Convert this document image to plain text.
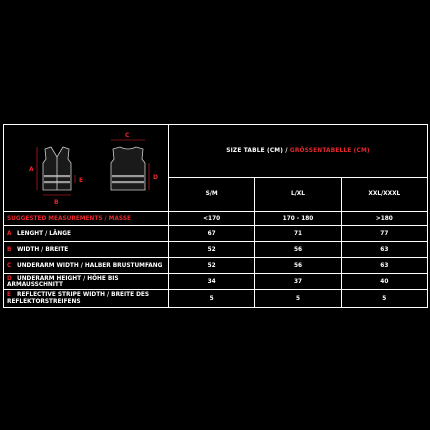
A
B
C
D
E	SIZE TABLE (CM) / GRÖSSENTABELLE (CM)		
	S/M	L/XL	XXL/XXXL
SUGGESTED MEASUREMENTS / MASSE	<170	170 - 180	>180
A LENGHT / LÄNGE	67	71	77
B WIDTH / BREITE	52	56	63
C UNDERARM WIDTH / HALBER BRUSTUMFANG	52	56	63
D UNDERARM HEIGHT / HÖHE BIS ARMAUSSCHNITT	34	37	40
E REFLECTIVE STRIPE WIDTH / BREITE DES REFLEKTORSTREIFENS	5	5	5
